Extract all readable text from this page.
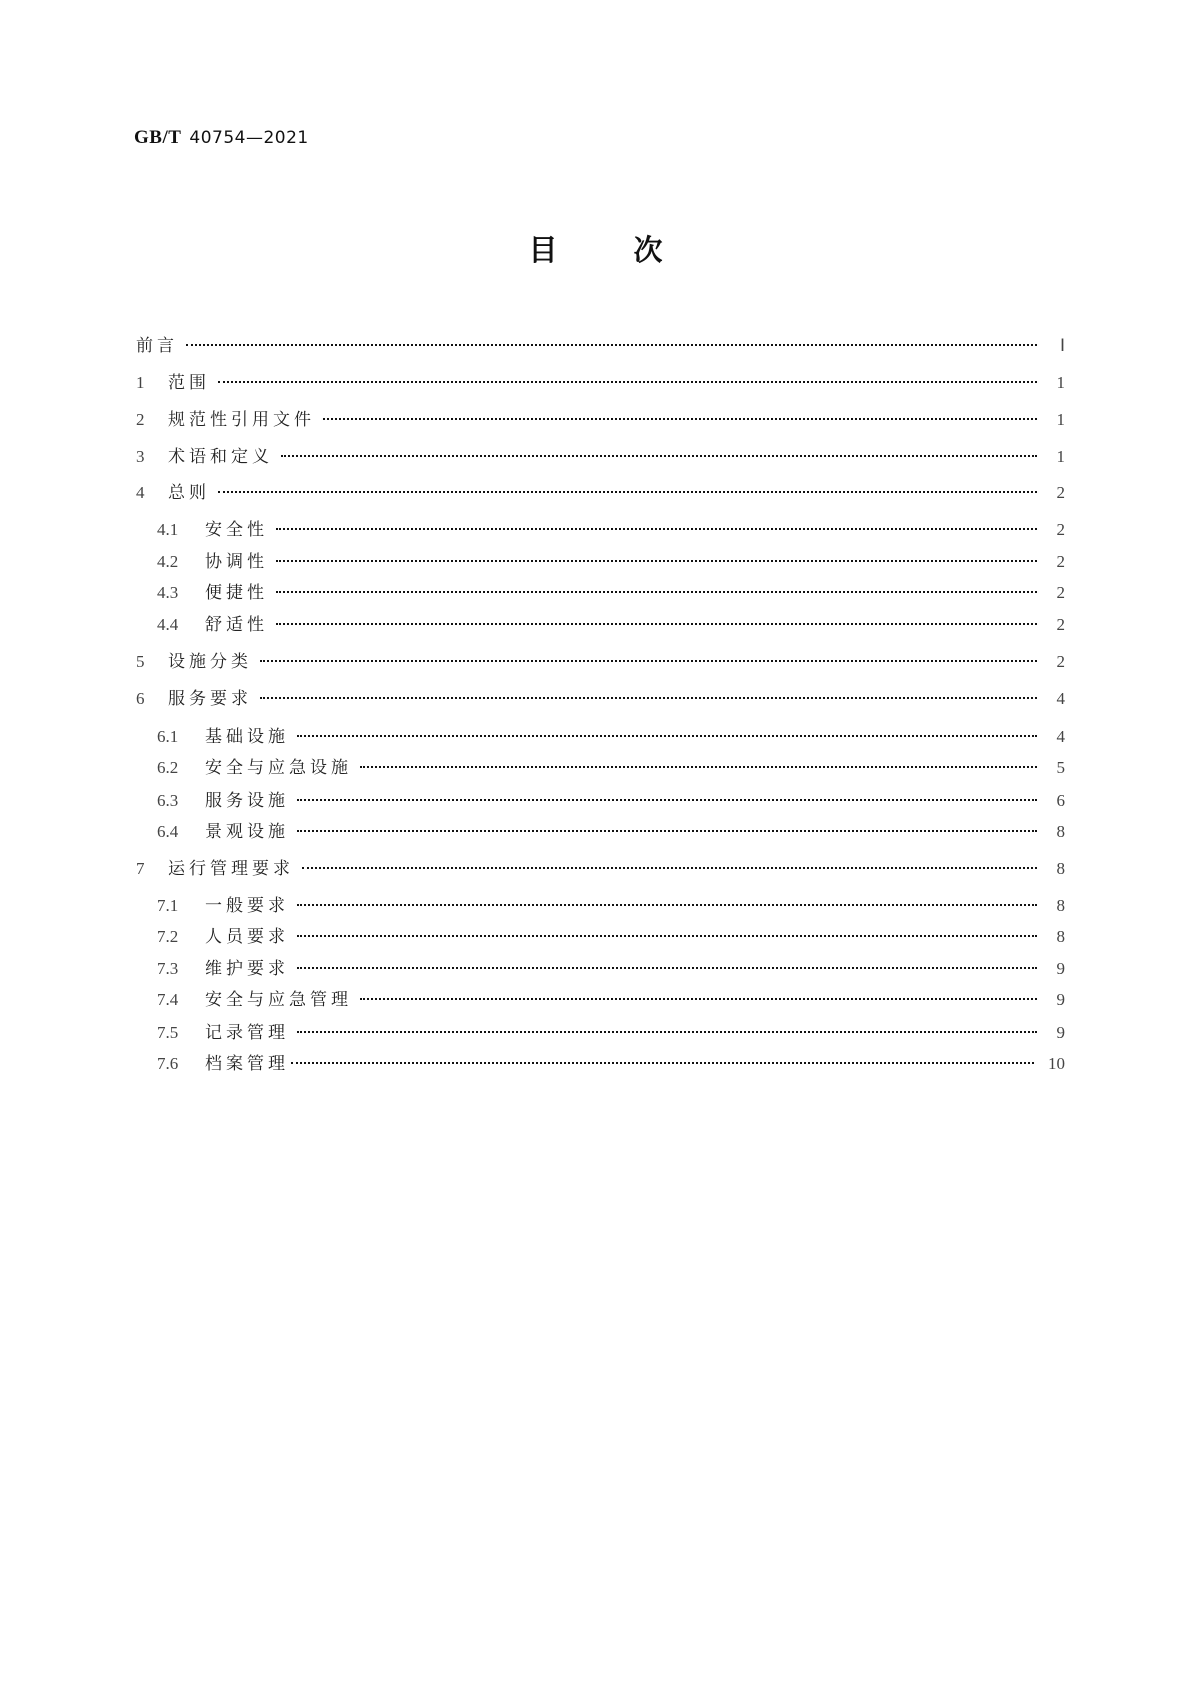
GB/T 40754—2021
目	次
前言	Ⅰ
1	范围	1
2	规范性引用文件	1
3	术语和定义	1
4	总则	2
4.1	安全性	2
4.2	协调性	2
4.3	便捷性	2
4.4	舒适性	2
5	设施分类	2
6	服务要求	4
6.1	基础设施	4
6.2	安全与应急设施	5
6.3	服务设施	6
6.4	景观设施	8
7	运行管理要求	8
7.1	一般要求	8
7.2	人员要求	8
7.3	维护要求	9
7.4	安全与应急管理	9
7.5	记录管理	9
7.6	档案管理	10
